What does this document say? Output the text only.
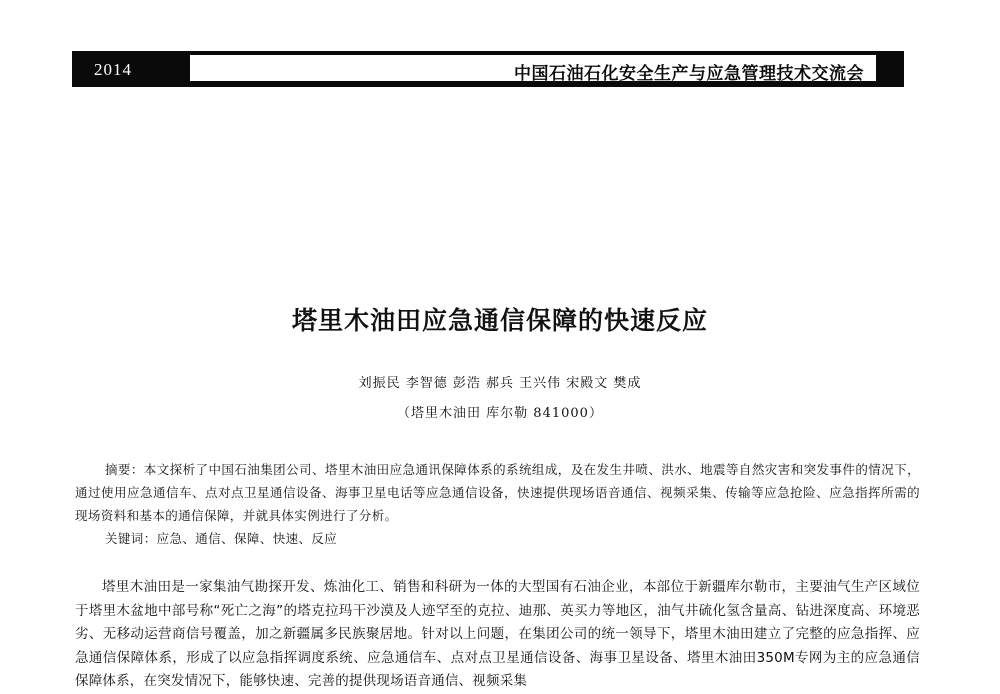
2014	中国石油石化安全生产与应急管理技术交流会
塔里木油田应急通信保障的快速反应
刘振民 李智德 彭浩 郝兵 王兴伟 宋殿文 樊成
（塔里木油田 库尔勒 841000）
摘要：本文探析了中国石油集团公司、塔里木油田应急通讯保障体系的系统组成，及在发生井喷、洪水、地震等自然灾害和突发事件的情况下，通过使用应急通信车、点对点卫星通信设备、海事卫星电话等应急通信设备，快速提供现场语音通信、视频采集、传输等应急抢险、应急指挥所需的现场资料和基本的通信保障，并就具体实例进行了分析。
关键词：应急、通信、保障、快速、反应
塔里木油田是一家集油气勘探开发、炼油化工、销售和科研为一体的大型国有石油企业，本部位于新疆库尔勒市，主要油气生产区域位于塔里木盆地中部号称“死亡之海”的塔克拉玛干沙漠及人迹罕至的克拉、迪那、英买力等地区，油气井硫化氢含量高、钻进深度高、环境恶劣、无移动运营商信号覆盖，加之新疆属多民族聚居地。针对以上问题，在集团公司的统一领导下，塔里木油田建立了完整的应急指挥、应急通信保障体系，形成了以应急指挥调度系统、应急通信车、点对点卫星通信设备、海事卫星设备、塔里木油田350M专网为主的应急通信保障体系，在突发情况下，能够快速、完善的提供现场语音通信、视频采集
